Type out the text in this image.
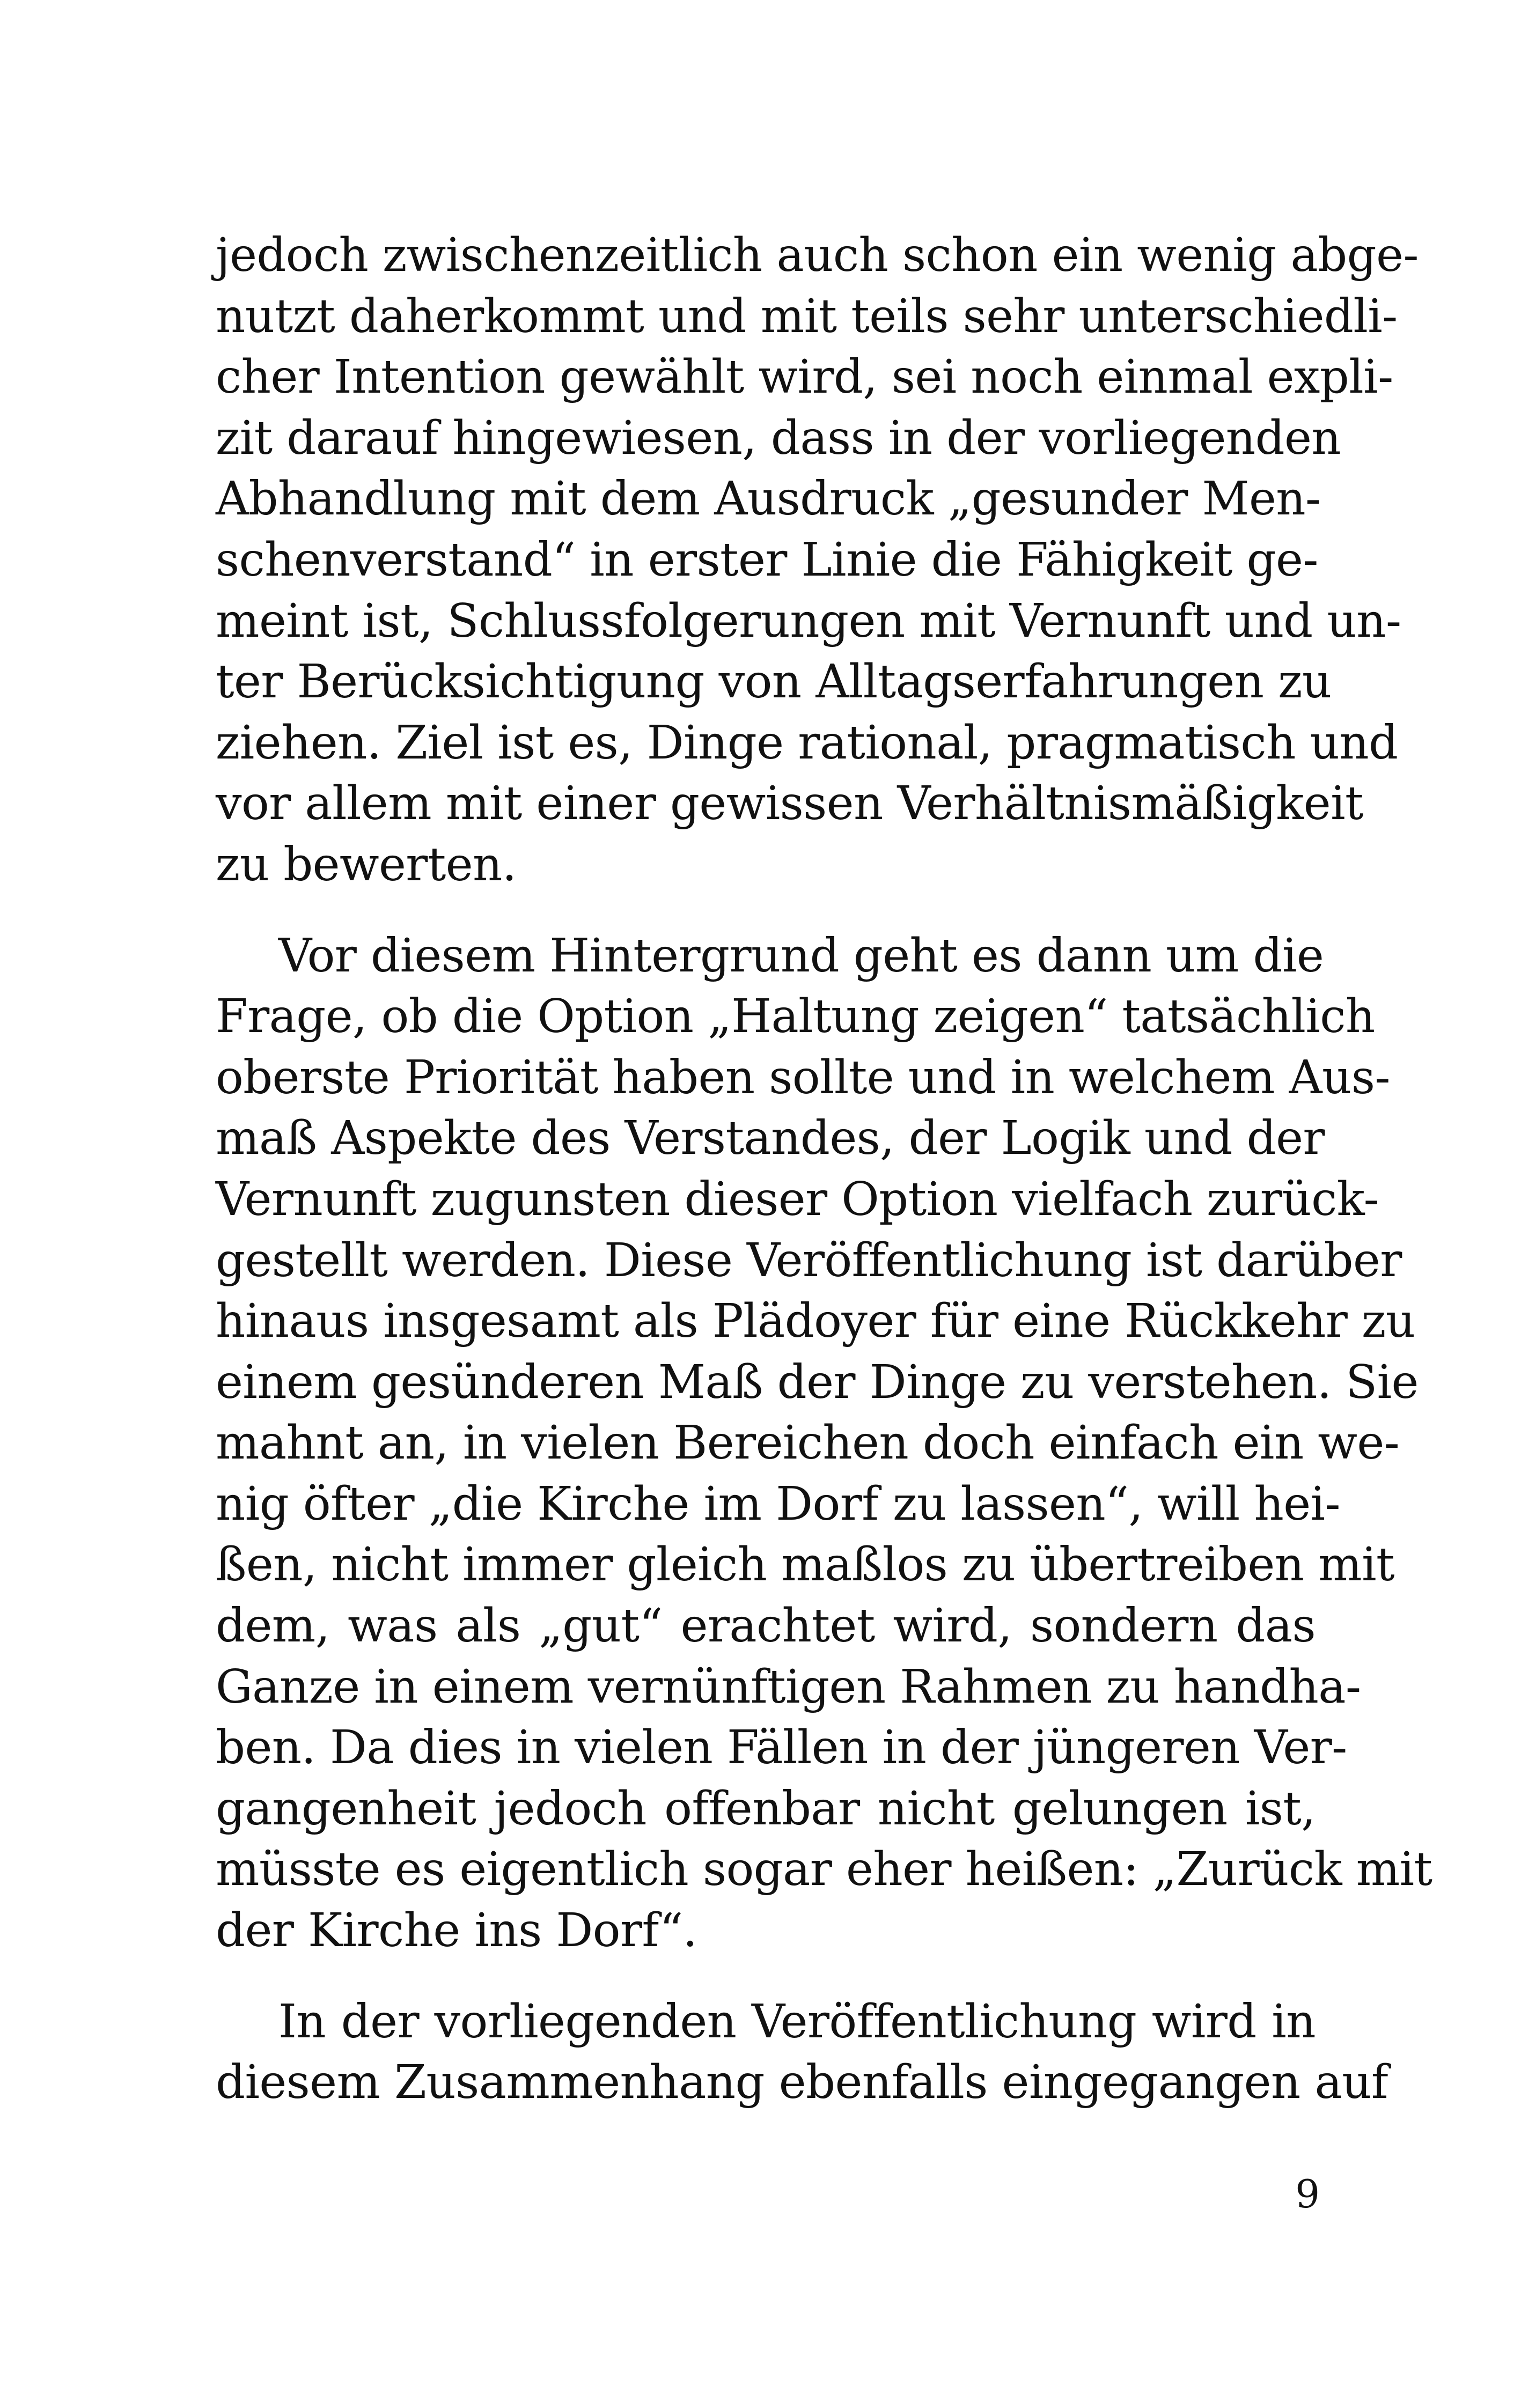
jedoch zwischenzeitlich auch schon ein wenig abge-
nutzt daherkommt und mit teils sehr unterschiedli-
cher Intention gewählt wird, sei noch einmal expli-
zit darauf hingewiesen, dass in der vorliegenden
Abhandlung mit dem Ausdruck „gesunder Men-
schenverstand“ in erster Linie die Fähigkeit ge-
meint ist, Schlussfolgerungen mit Vernunft und un-
ter Berücksichtigung von Alltagserfahrungen zu
ziehen. Ziel ist es, Dinge rational, pragmatisch und
vor allem mit einer gewissen Verhältnismäßigkeit
zu bewerten.
Vor diesem Hintergrund geht es dann um die
Frage, ob die Option „Haltung zeigen“ tatsächlich
oberste Priorität haben sollte und in welchem Aus-
maß Aspekte des Verstandes, der Logik und der
Vernunft zugunsten dieser Option vielfach zurück-
gestellt werden. Diese Veröffentlichung ist darüber
hinaus insgesamt als Plädoyer für eine Rückkehr zu
einem gesünderen Maß der Dinge zu verstehen. Sie
mahnt an, in vielen Bereichen doch einfach ein we-
nig öfter „die Kirche im Dorf zu lassen“, will hei-
ßen, nicht immer gleich maßlos zu übertreiben mit
dem, was als „gut“ erachtet wird, sondern das
Ganze in einem vernünftigen Rahmen zu handha-
ben. Da dies in vielen Fällen in der jüngeren Ver-
gangenheit jedoch offenbar nicht gelungen ist,
müsste es eigentlich sogar eher heißen: „Zurück mit
der Kirche ins Dorf“.
In der vorliegenden Veröffentlichung wird in
diesem Zusammenhang ebenfalls eingegangen auf
9
